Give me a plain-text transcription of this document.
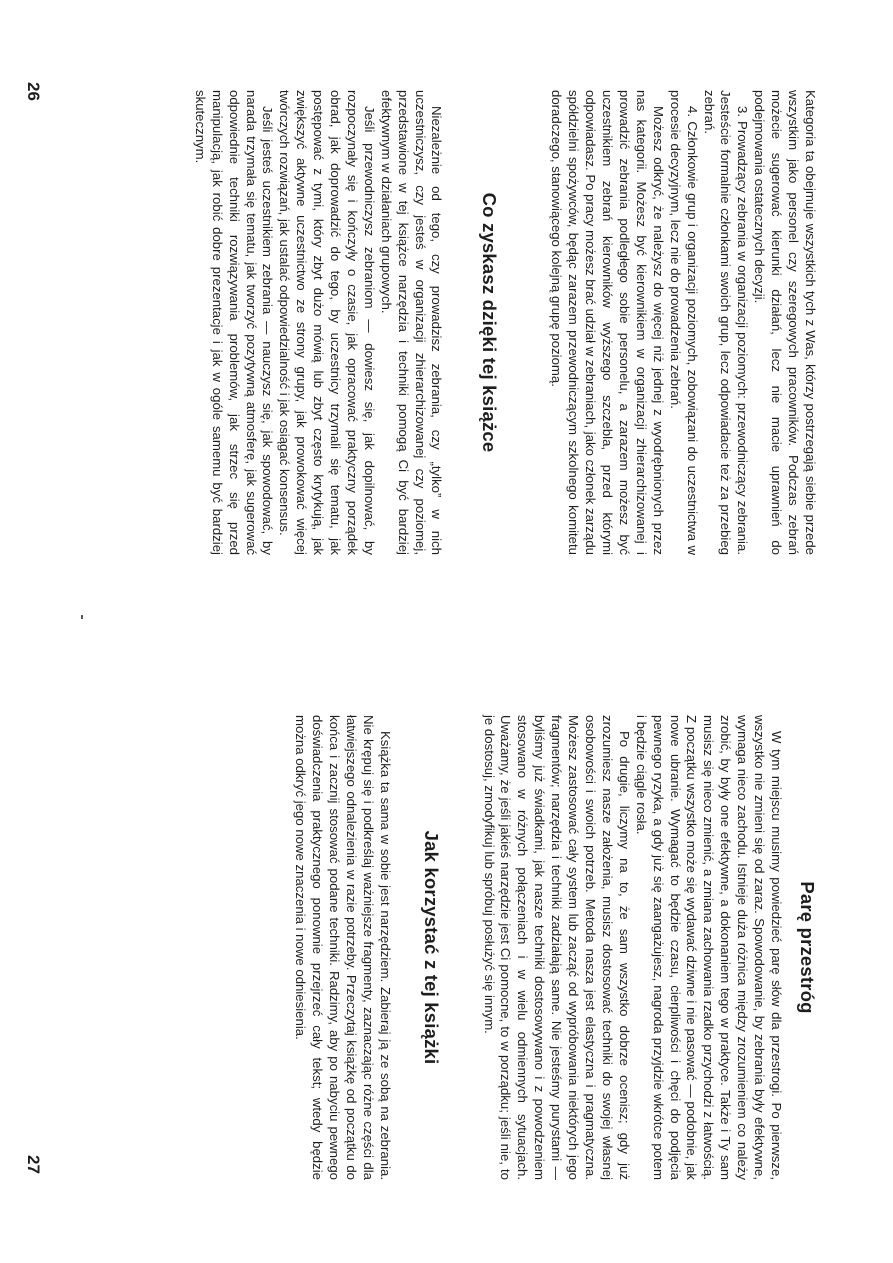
Kategoria ta obejmuje wszystkich tych z Was, którzy postrzegają siebie przede wszystkim jako personel czy szeregowych pracowników. Podczas zebrań możecie sugerować kierunki działań, lecz nie macie uprawnień do podejmowania ostatecznych decyzji.

3. Prowadzący zebrania w organizacji poziomych: przewodniczący zebrania. Jesteście formalnie członkami swoich grup, lecz odpowiadacie też za przebieg zebrań.

4. Członkowie grup i organizacji poziomych, zobowiązani do uczestnictwa w procesie decyzyjnym, lecz nie do prowadzenia zebrań.

Możesz odkryć, że należysz do więcej niż jednej z wyodrębnionych przez nas kategorii. Możesz być kierownikiem w organizacji zhierarchizowanej i prowadzić zebrania podległego sobie personelu, a zarazem możesz być uczestnikiem zebrań kierowników wyższego szczebla, przed którymi odpowiadasz. Po pracy możesz brać udział w zebraniach, jako członek zarządu spółdzielni spożywców, będąc zarazem przewodniczącym szkolnego komitetu doradczego, stanowiącego kolejną grupę poziomą.

Co zyskasz dzięki tej książce

Niezależnie od tego, czy prowadzisz zebrania, czy „tylko” w nich uczestniczysz, czy jesteś w organizacji zhierarchizowanej czy poziomej, przedstawione w tej książce narzędzia i techniki pomogą Ci być bardziej efektywnym w działaniach grupowych.

Jeśli przewodniczysz zebraniom — dowiesz się, jak dopilnować, by rozpoczynały się i kończyły o czasie, jak opracować praktyczny porządek obrad, jak doprowadzić do tego, by uczestnicy trzymali się tematu, jak postępować z tymi, który zbyt dużo mówią lub zbyt często krytykują, jak zwiększyć aktywne uczestnictwo ze strony grupy, jak prowokować więcej twórczych rozwiązań, jak ustalać odpowiedzialność i jak osiągać konsensus.

Jeśli jesteś uczestnikiem zebrania — nauczysz się, jak spowodować, by narada trzymała się tematu, jak tworzyć pozytywną atmosferę, jak sugerować odpowiednie techniki rozwiązywania problemów, jak strzec się przed manipulacją, jak robić dobre prezentacje i jak w ogóle samemu być bardziej skutecznym.

26
Parę przestróg

W tym miejscu musimy powiedzieć parę słów dla przestrogi. Po pierwsze, wszystko nie zmieni się od zaraz. Spowodowanie, by zebrania były efektywne, wymaga nieco zachodu. Istnieje duża różnica między zrozumieniem co należy zrobić, by były one efektywne, a dokonaniem tego w praktyce. Także i Ty sam musisz się nieco zmienić, a zmiana zachowania rzadko przychodzi z łatwością. Z początku wszystko może się wydawać dziwne i nie pasować — podobnie, jak nowe ubranie. Wymagać to będzie czasu, cierpliwości i chęci do podjęcia pewnego ryzyka, a gdy już się zaangażujesz, nagroda przyjdzie wkrótce potem i będzie ciągle rosła.

Po drugie, liczymy na to, że sam wszystko dobrze ocenisz; gdy już zrozumiesz nasze założenia, musisz dostosować techniki do swojej własnej osobowości i swoich potrzeb. Metoda nasza jest elastyczna i pragmatyczna. Możesz zastosować cały system lub zacząć od wypróbowania niektórych jego fragmentów; narzędzia i techniki zadziałają same. Nie jesteśmy purystami — byliśmy już świadkami, jak nasze techniki dostosowywano i z powodzeniem stosowano w różnych połączeniach i w wielu odmiennych sytuacjach. Uważamy, że jeśli jakieś narzędzie jest Ci pomocne, to w porządku; jeśli nie, to je dostosuj, zmodyfikuj lub spróbuj posłużyć się innym.

Jak korzystać z tej książki

Książka ta sama w sobie jest narzędziem. Zabieraj ją ze sobą na zebrania. Nie krępuj się i podkreślaj ważniejsze fragmenty, zaznaczając różne części dla łatwiejszego odnalezienia w razie potrzeby. Przeczytaj książkę od początku do końca i zacznij stosować podane techniki. Radzimy, aby po nabyciu pewnego doświadczenia praktycznego ponownie przejrzeć cały tekst; wtedy będzie można odkryć jego nowe znaczenia i nowe odniesienia.

27
